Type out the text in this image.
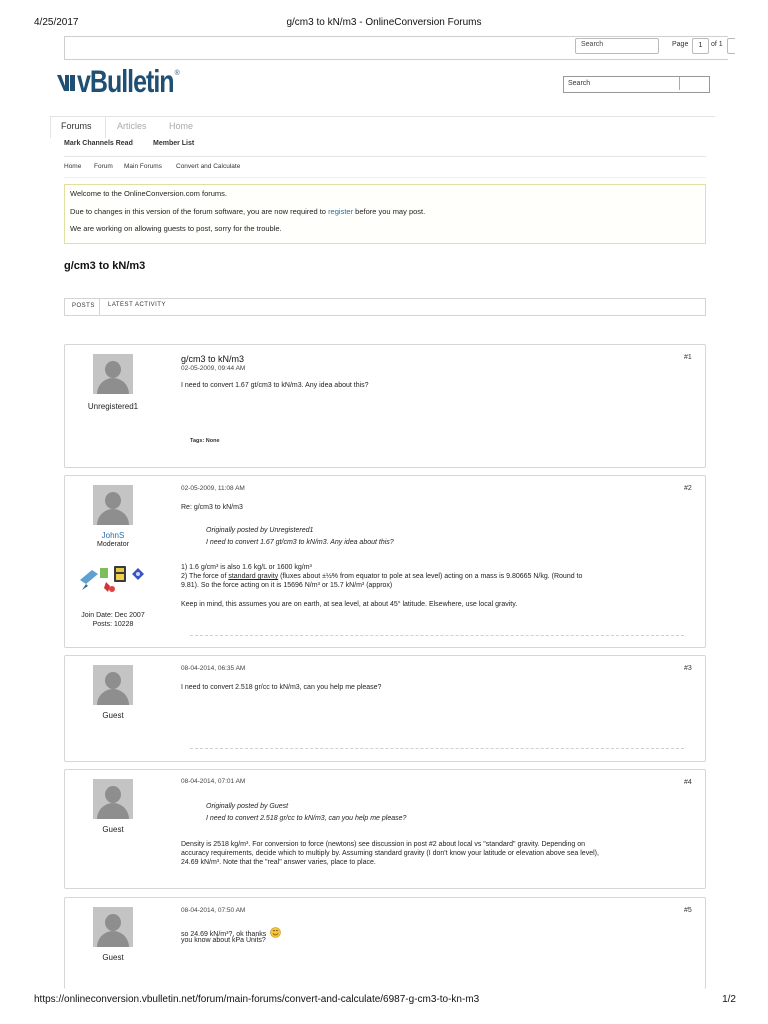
4/25/2017	g/cm3 to kN/m3 - OnlineConversion Forums
Search	Page	1	of 1
vBulletin ®
Search
Forums	Articles Home
Mark Channels Read	Member List
Home Forum Main Forums Convert and Calculate

Welcome to the OnlineConversion.com forums.

Due to changes in this version of the forum software, you are now required to register before you may post.

We are working on allowing guests to post, sorry for the trouble.

g/cm3 to kN/m3
POSTS LATEST ACTIVITY
Unregistered1
g/cm3 to kN/m3
02-05-2009, 09:44 AM
#1
I need to convert 1.67 gt/cm3 to kN/m3. Any idea about this?
Tags: None
JohnS
Moderator
Join Date: Dec 2007
Posts: 10228
02-05-2009, 11:08 AM	#2
Re: g/cm3 to kN/m3
Originally posted by Unregistered1
I need to convert 1.67 gt/cm3 to kN/m3. Any idea about this?
1) 1.6 g/cm³ is also 1.6 kg/L or 1600 kg/m³
2) The force of standard gravity (fluxes about ±½% from equator to pole at sea level) acting on a mass is 9.80665 N/kg. (Round to
9.81). So the force acting on it is 15696 N/m³ or 15.7 kN/m³ (approx)
Keep in mind, this assumes you are on earth, at sea level, at about 45° latitude. Elsewhere, use local gravity.
Guest
08-04-2014, 06:35 AM	#3
I need to convert 2.518 gr/cc to kN/m3, can you help me please?
Guest
08-04-2014, 07:01 AM	#4
Originally posted by Guest
I need to convert 2.518 gr/cc to kN/m3, can you help me please?
Density is 2518 kg/m³. For conversion to force (newtons) see discussion in post #2 about local vs "standard" gravity. Depending on
accuracy requirements, decide which to multiply by. Assuming standard gravity (I don't know your latitude or elevation above sea level),
24.69 kN/m³. Note that the "real" answer varies, place to place.
Guest
08-04-2014, 07:50 AM	#5
so 24.69 kN/m³?, ok thanks
you know about kPa Units?
https://onlineconversion.vbulletin.net/forum/main-forums/convert-and-calculate/6987-g-cm3-to-kn-m3	1/2
